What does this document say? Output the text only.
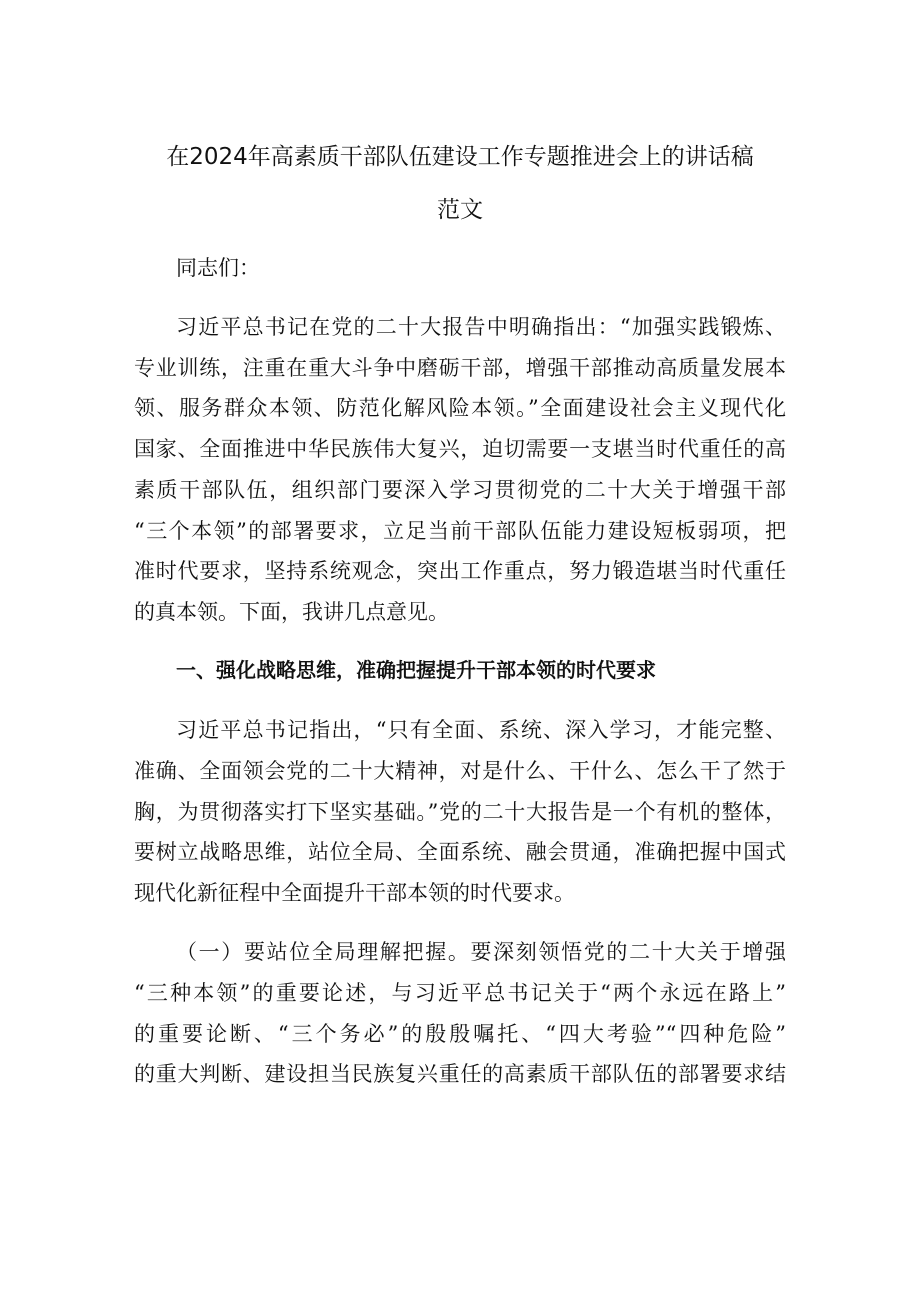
在2024年高素质干部队伍建设工作专题推进会上的讲话稿
范文

同志们：

习近平总书记在党的二十大报告中明确指出：“加强实践锻炼、

专业训练，注重在重大斗争中磨砺干部，增强干部推动高质量发展本

领、服务群众本领、防范化解风险本领。”全面建设社会主义现代化

国家、全面推进中华民族伟大复兴，迫切需要一支堪当时代重任的高

素质干部队伍，组织部门要深入学习贯彻党的二十大关于增强干部

“三个本领”的部署要求，立足当前干部队伍能力建设短板弱项，把

准时代要求，坚持系统观念，突出工作重点，努力锻造堪当时代重任

的真本领。下面，我讲几点意见。

一、强化战略思维，准确把握提升干部本领的时代要求

习近平总书记指出，“只有全面、系统、深入学习，才能完整、

准确、全面领会党的二十大精神，对是什么、干什么、怎么干了然于

胸，为贯彻落实打下坚实基础。”党的二十大报告是一个有机的整体，

要树立战略思维，站位全局、全面系统、融会贯通，准确把握中国式

现代化新征程中全面提升干部本领的时代要求。

（一）要站位全局理解把握。要深刻领悟党的二十大关于增强

“三种本领”的重要论述，与习近平总书记关于“两个永远在路上”

的重要论断、“三个务必”的殷殷嘱托、“四大考验”“四种危险”

的重大判断、建设担当民族复兴重任的高素质干部队伍的部署要求结
